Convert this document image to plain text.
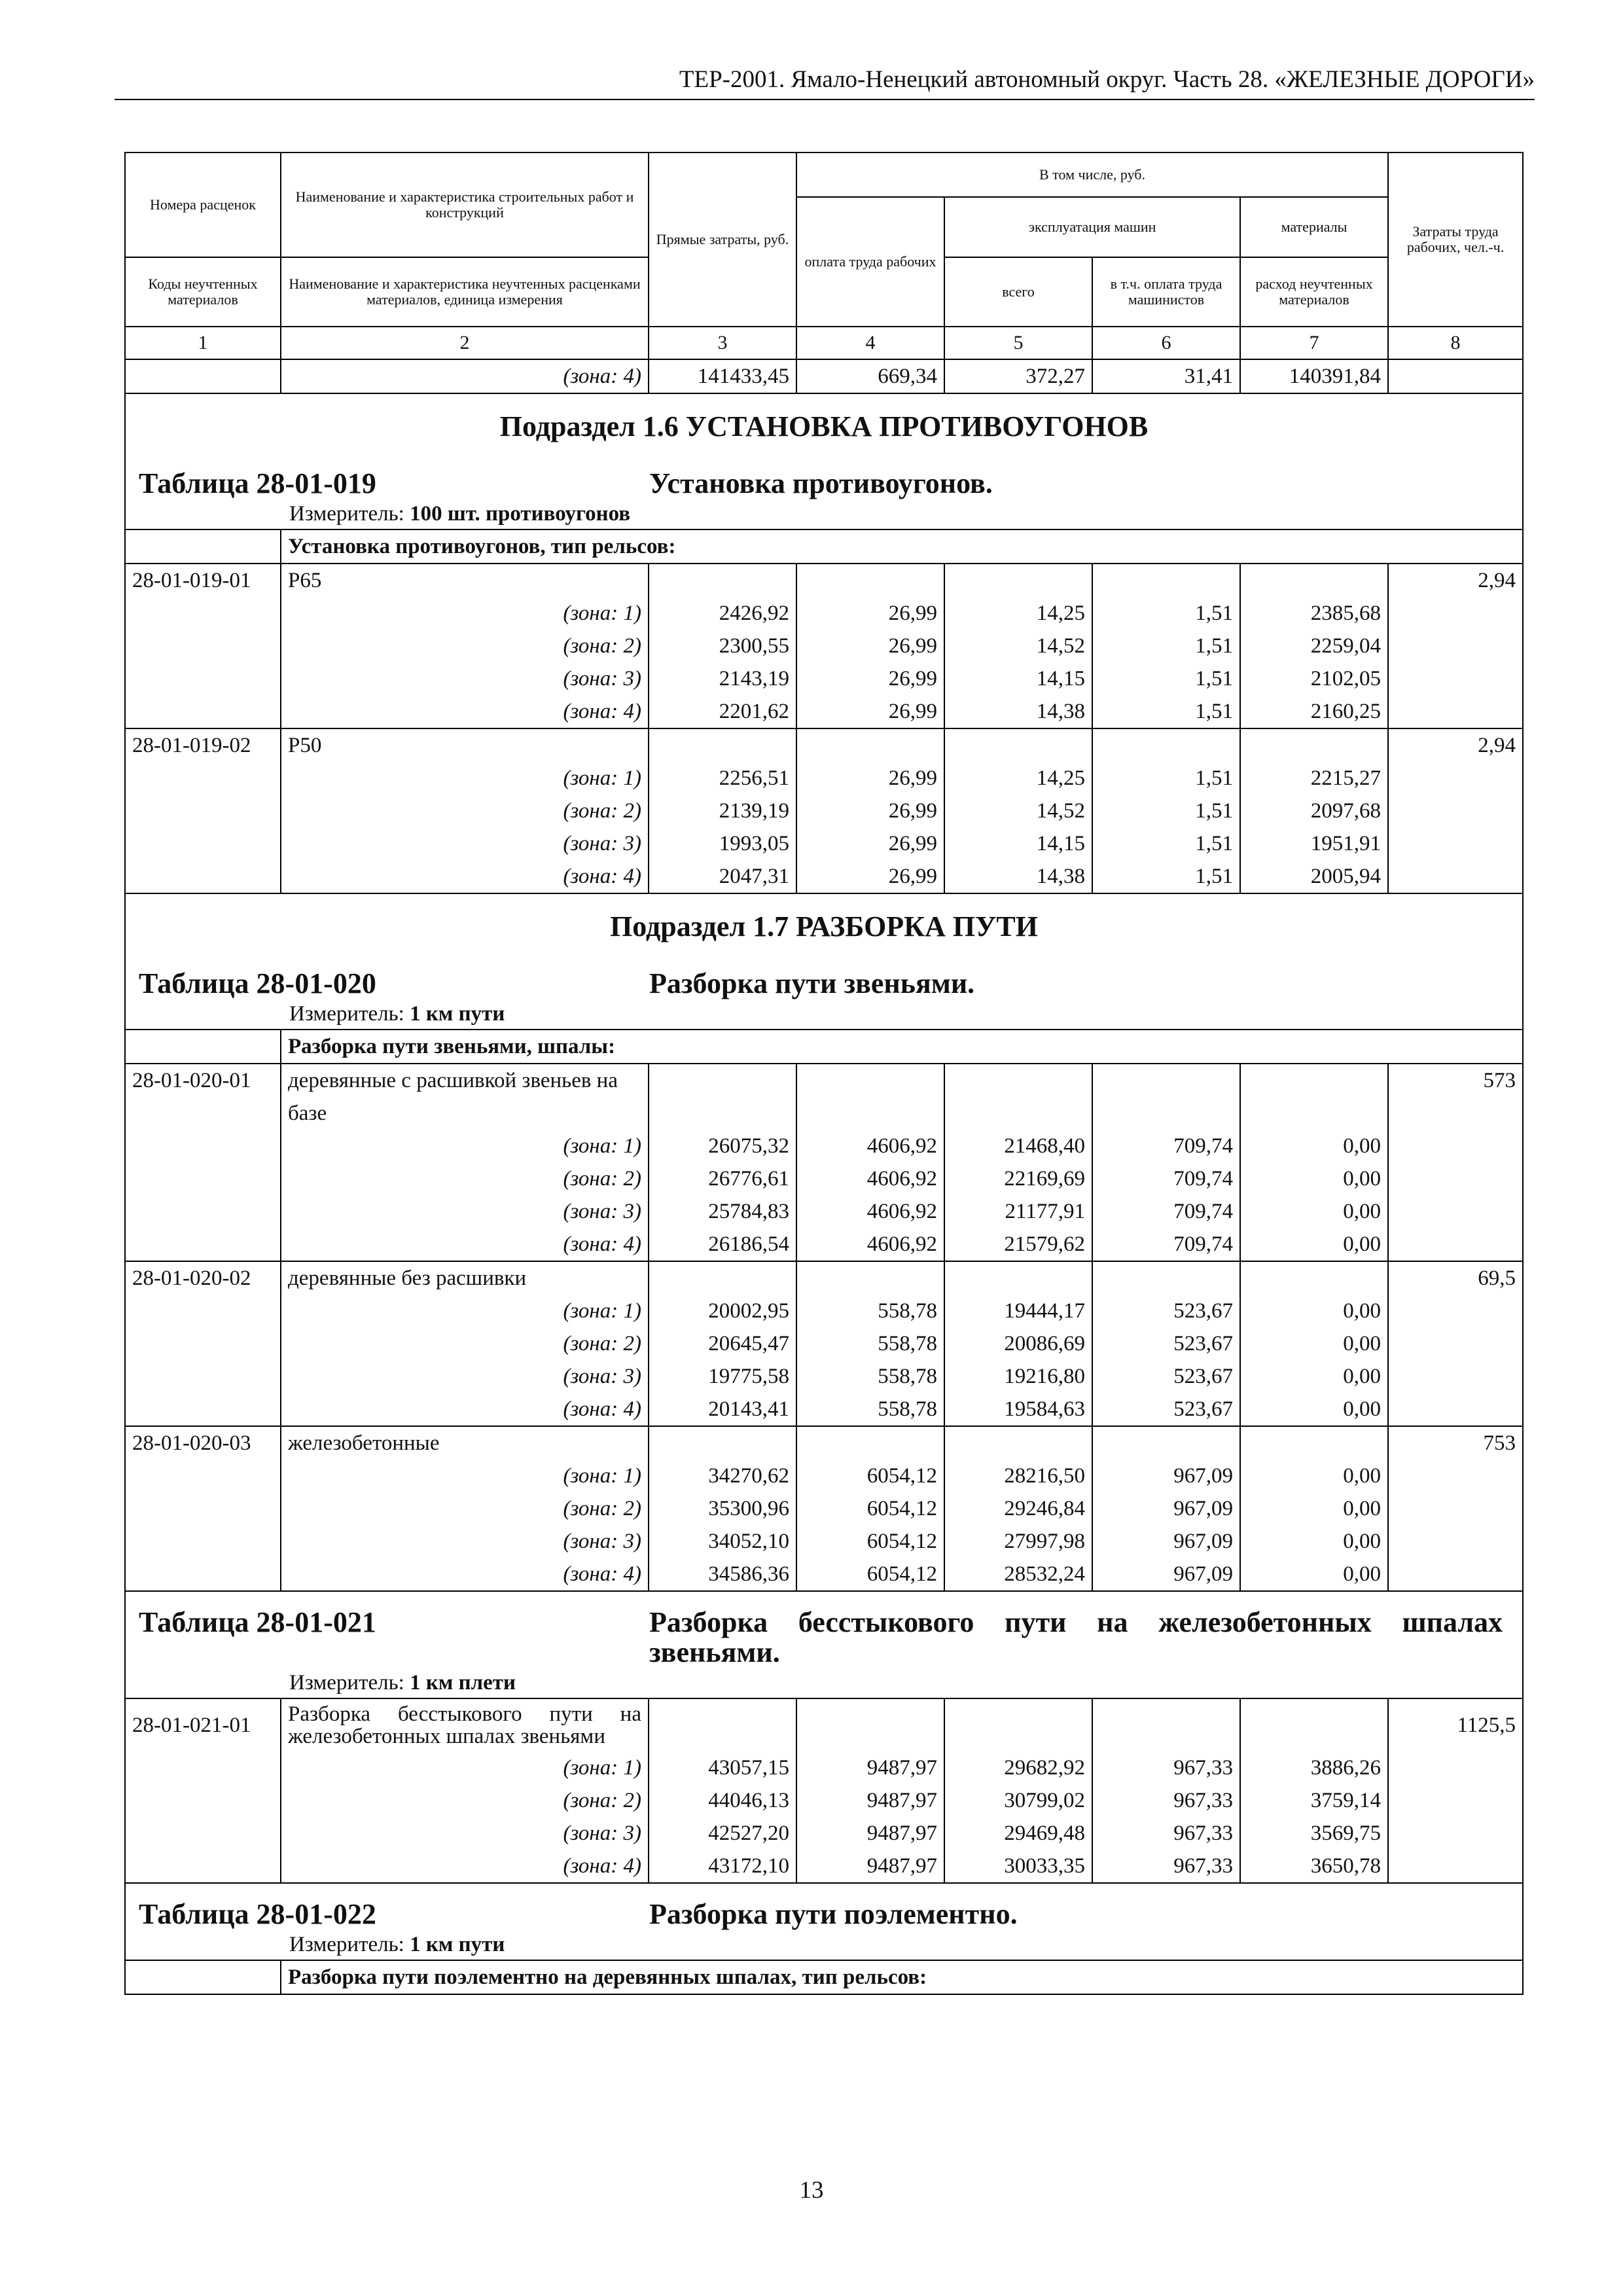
ТЕР-2001. Ямало-Ненецкий автономный округ. Часть 28. «ЖЕЛЕЗНЫЕ ДОРОГИ»
Номера расценок	Наименование и характеристика строительных работ и конструкций	Прямые затраты, руб.	В том числе, руб.				Затраты труда рабочих, чел.-ч.
			оплата труда рабочих	эксплуатация машин		материалы	
Коды неучтенных материалов	Наименование и характеристика неучтенных расценками материалов, единица измерения			всего	в т.ч. оплата труда машинистов	расход неучтенных материалов	
1	2	3	4	5	6	7	8
	(зона: 4)	141433,45	669,34	372,27	31,41	140391,84	
Подраздел 1.6 УСТАНОВКА ПРОТИВОУГОНОВ							

Таблица 28-01-019 Установка противоугонов.							

Измеритель: 100 шт. противоугонов							
	Установка противоугонов, тип рельсов:						
28-01-019-01	Р65						2,94
	(зона: 1)	2426,92	26,99	14,25	1,51	2385,68	
	(зона: 2)	2300,55	26,99	14,52	1,51	2259,04	
	(зона: 3)	2143,19	26,99	14,15	1,51	2102,05	
	(зона: 4)	2201,62	26,99	14,38	1,51	2160,25	
28-01-019-02	Р50						2,94
	(зона: 1)	2256,51	26,99	14,25	1,51	2215,27	
	(зона: 2)	2139,19	26,99	14,52	1,51	2097,68	
	(зона: 3)	1993,05	26,99	14,15	1,51	1951,91	
	(зона: 4)	2047,31	26,99	14,38	1,51	2005,94	
Подраздел 1.7 РАЗБОРКА ПУТИ							

Таблица 28-01-020 Разборка пути звеньями.							

Измеритель: 1 км пути							
	Разборка пути звеньями, шпалы:						
28-01-020-01	деревянные с расшивкой звеньев на базе						573
	(зона: 1)	26075,32	4606,92	21468,40	709,74	0,00	
	(зона: 2)	26776,61	4606,92	22169,69	709,74	0,00	
	(зона: 3)	25784,83	4606,92	21177,91	709,74	0,00	
	(зона: 4)	26186,54	4606,92	21579,62	709,74	0,00	
28-01-020-02	деревянные без расшивки						69,5
	(зона: 1)	20002,95	558,78	19444,17	523,67	0,00	
	(зона: 2)	20645,47	558,78	20086,69	523,67	0,00	
	(зона: 3)	19775,58	558,78	19216,80	523,67	0,00	
	(зона: 4)	20143,41	558,78	19584,63	523,67	0,00	
28-01-020-03	железобетонные						753
	(зона: 1)	34270,62	6054,12	28216,50	967,09	0,00	
	(зона: 2)	35300,96	6054,12	29246,84	967,09	0,00	
	(зона: 3)	34052,10	6054,12	27997,98	967,09	0,00	
	(зона: 4)	34586,36	6054,12	28532,24	967,09	0,00	

Таблица 28-01-021 Разборка бесстыкового пути на железобетонных шпалах звеньями.							

Измеритель: 1 км плети							
28-01-021-01	Разборка бесстыкового пути на железобетонных шпалах звеньями						1125,5
	(зона: 1)	43057,15	9487,97	29682,92	967,33	3886,26	
	(зона: 2)	44046,13	9487,97	30799,02	967,33	3759,14	
	(зона: 3)	42527,20	9487,97	29469,48	967,33	3569,75	
	(зона: 4)	43172,10	9487,97	30033,35	967,33	3650,78	

Таблица 28-01-022 Разборка пути поэлементно.							

Измеритель: 1 км пути							
	Разборка пути поэлементно на деревянных шпалах, тип рельсов:						
13
